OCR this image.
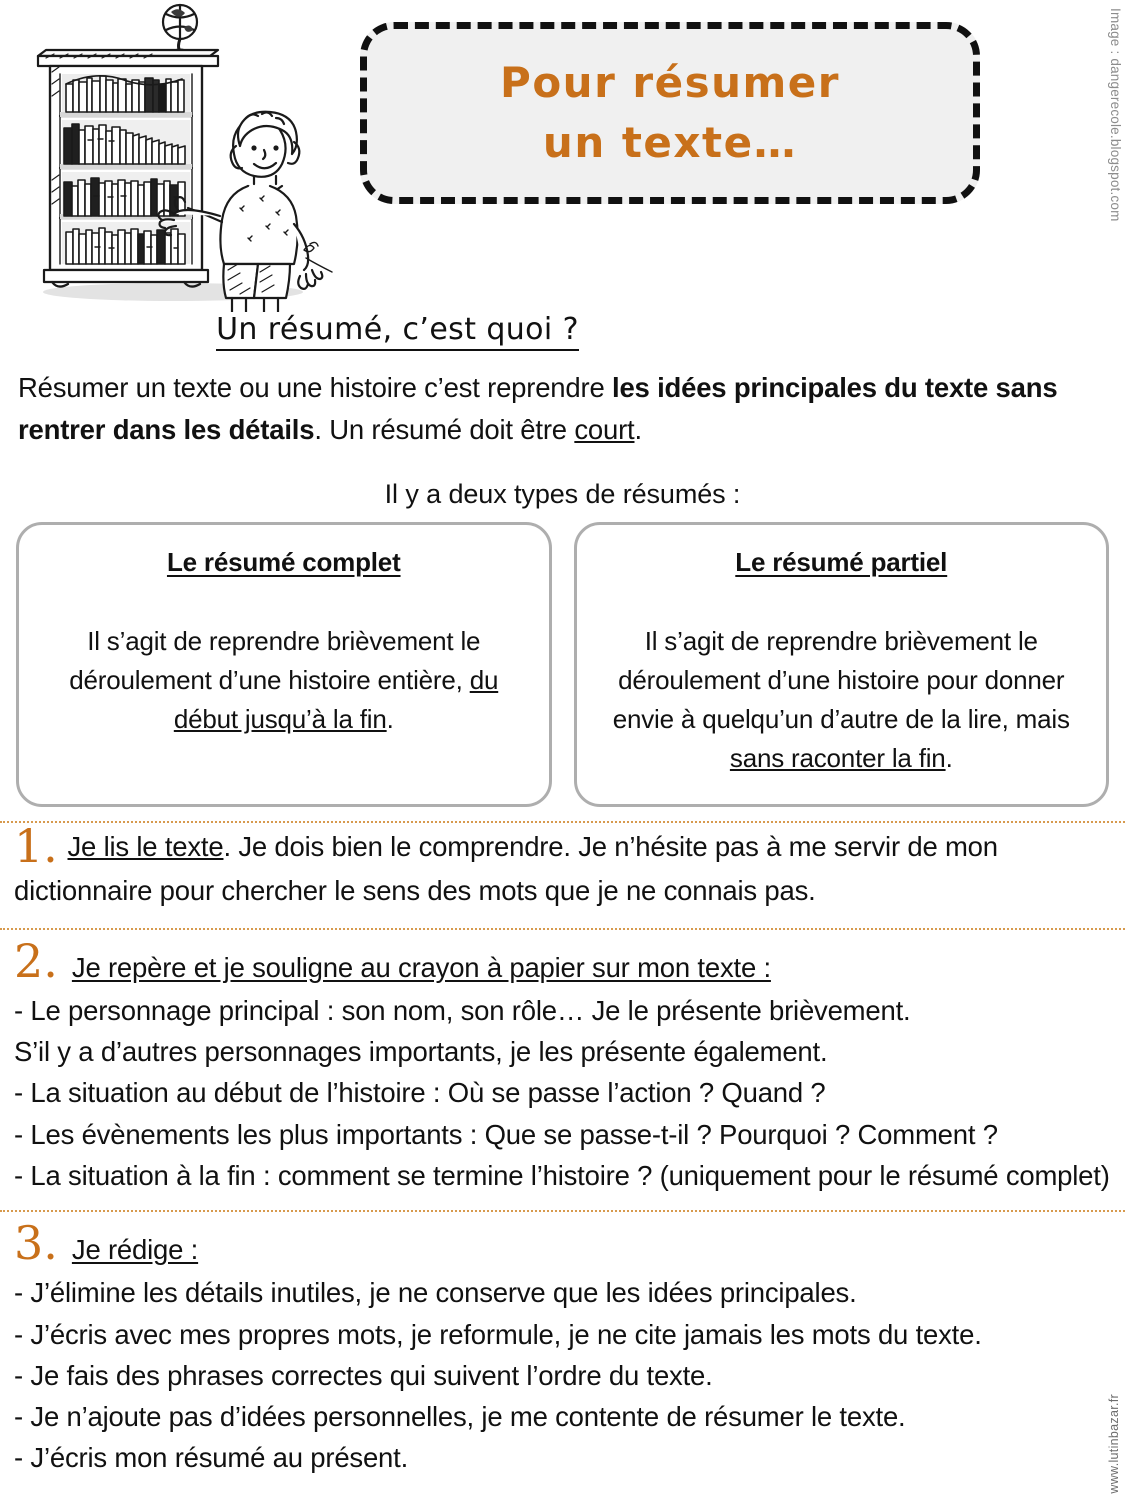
Pour résumer
un texte…	Image : dangerecole.blogspot.com
Un résumé, c’est quoi ?
Résumer un texte ou une histoire c’est reprendre les idées principales du texte sans rentrer dans les détails. Un résumé doit être court.
Il y a deux types de résumés :
Le résumé complet
Il s’agit de reprendre brièvement le déroulement d’une histoire entière, du début jusqu’à la fin.
Le résumé partiel
Il s’agit de reprendre brièvement le déroulement d’une histoire pour donner envie à quelqu’un d’autre de la lire, mais sans raconter la fin.
1. Je lis le texte. Je dois bien le comprendre. Je n’hésite pas à me servir de mon dictionnaire pour chercher le sens des mots que je ne connais pas.
2. Je repère et je souligne au crayon à papier sur mon texte :
- Le personnage principal : son nom, son rôle… Je le présente brièvement.
S’il y a d’autres personnages importants, je les présente également.
- La situation au début de l’histoire : Où se passe l’action ? Quand ?
- Les évènements les plus importants : Que se passe-t-il ? Pourquoi ? Comment ?
- La situation à la fin : comment se termine l’histoire ? (uniquement pour le résumé complet)
3. Je rédige :
- J’élimine les détails inutiles, je ne conserve que les idées principales.
- J’écris avec mes propres mots, je reformule, je ne cite jamais les mots du texte.
- Je fais des phrases correctes qui suivent l’ordre du texte.
- Je n’ajoute pas d’idées personnelles, je me contente de résumer le texte.
- J’écris mon résumé au présent.	www.lutinbazar.fr
